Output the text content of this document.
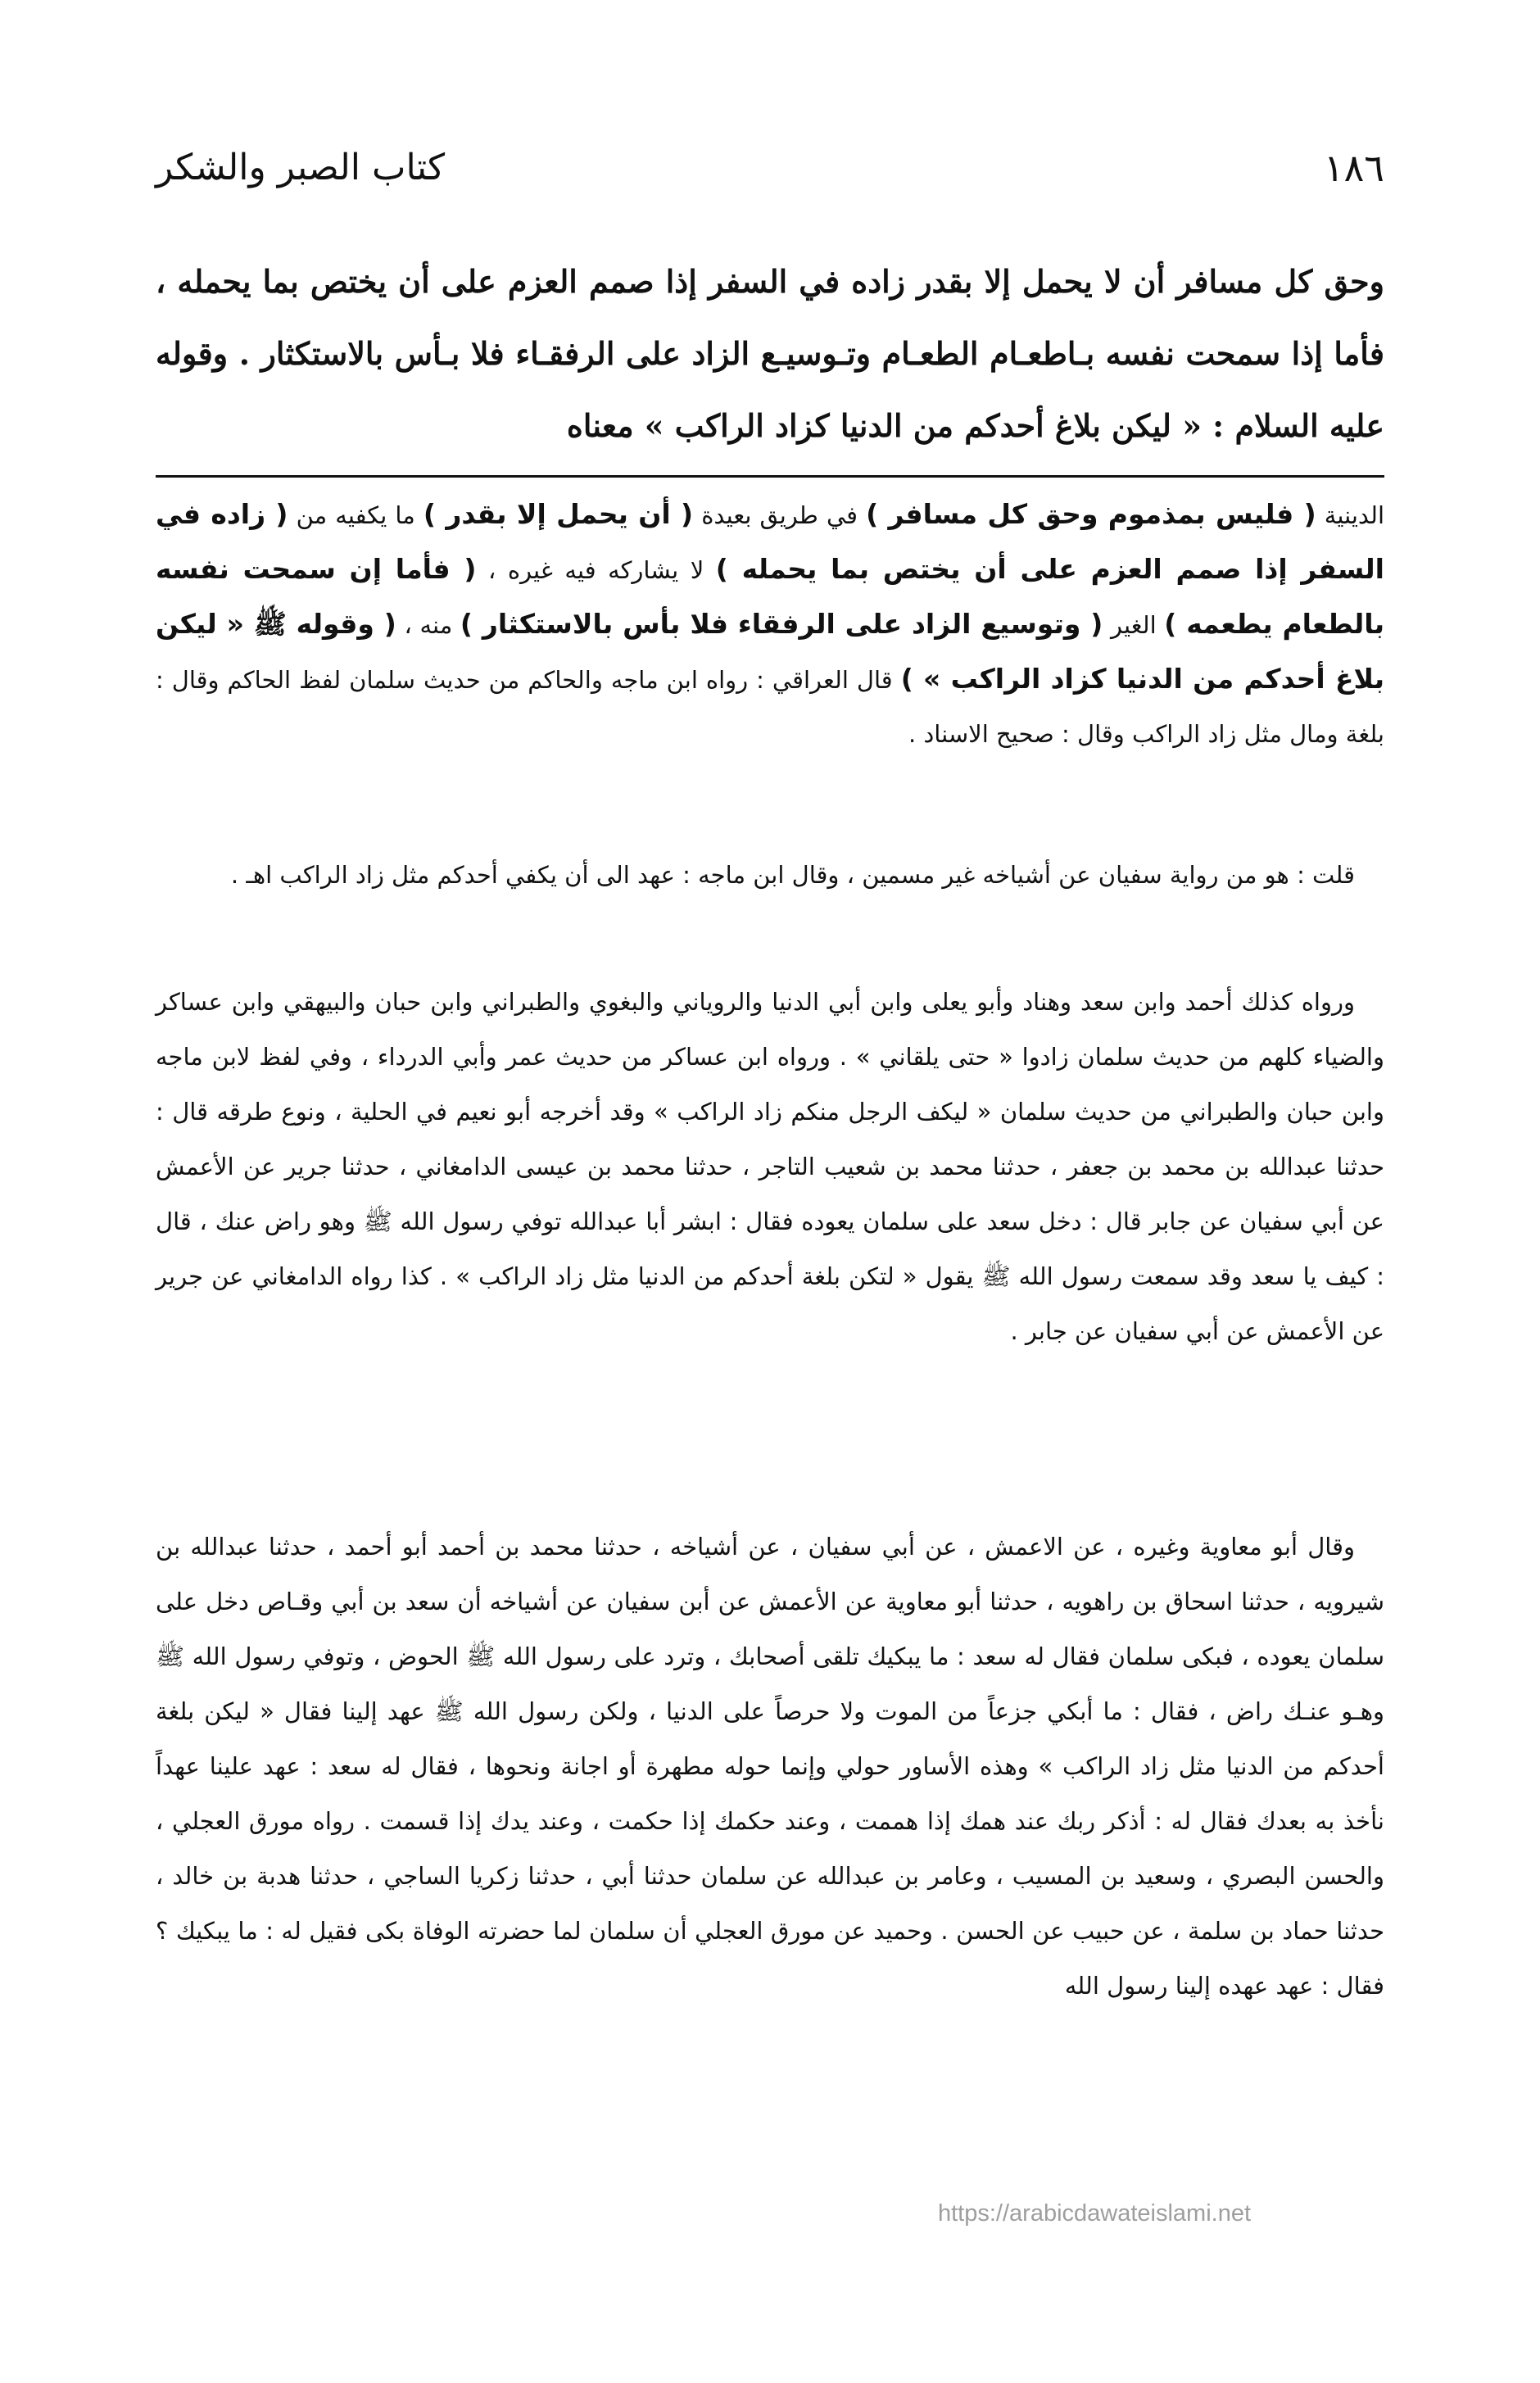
١٨٦
كتاب الصبر والشكر
وحق كل مسافر أن لا يحمل إلا بقدر زاده في السفر إذا صمم العزم على أن يختص بما يحمله ، فأما إذا سمحت نفسه بـاطعـام الطعـام وتـوسيـع الزاد على الرفقـاء فلا بـأس بالاستكثار . وقوله عليه السلام : « ليكن بلاغ أحدكم من الدنيا كزاد الراكب » معناه
الدينية ( فليس بمذموم وحق كل مسافر ) في طريق بعيدة ( أن يحمل إلا بقدر ) ما يكفيه من ( زاده في السفر إذا صمم العزم على أن يختص بما يحمله ) لا يشاركه فيه غيره ، ( فأما إن سمحت نفسه بالطعام يطعمه ) الغير ( وتوسيع الزاد على الرفقاء فلا بأس بالاستكثار ) منه ، ( وقوله ﷺ « ليكن بلاغ أحدكم من الدنيا كزاد الراكب » ) قال العراقي : رواه ابن ماجه والحاكم من حديث سلمان لفظ الحاكم وقال : بلغة ومال مثل زاد الراكب وقال : صحيح الاسناد .
قلت : هو من رواية سفيان عن أشياخه غير مسمين ، وقال ابن ماجه : عهد الى أن يكفي أحدكم مثل زاد الراكب اهـ .
ورواه كذلك أحمد وابن سعد وهناد وأبو يعلى وابن أبي الدنيا والروياني والبغوي والطبراني وابن حبان والبيهقي وابن عساكر والضياء كلهم من حديث سلمان زادوا « حتى يلقاني » . ورواه ابن عساكر من حديث عمر وأبي الدرداء ، وفي لفظ لابن ماجه وابن حبان والطبراني من حديث سلمان « ليكف الرجل منكم زاد الراكب » وقد أخرجه أبو نعيم في الحلية ، ونوع طرقه قال : حدثنا عبدالله بن محمد بن جعفر ، حدثنا محمد بن شعيب التاجر ، حدثنا محمد بن عيسى الدامغاني ، حدثنا جرير عن الأعمش عن أبي سفيان عن جابر قال : دخل سعد على سلمان يعوده فقال : ابشر أبا عبدالله توفي رسول الله ﷺ وهو راض عنك ، قال : كيف يا سعد وقد سمعت رسول الله ﷺ يقول « لتكن بلغة أحدكم من الدنيا مثل زاد الراكب » . كذا رواه الدامغاني عن جرير عن الأعمش عن أبي سفيان عن جابر .
وقال أبو معاوية وغيره ، عن الاعمش ، عن أبي سفيان ، عن أشياخه ، حدثنا محمد بن أحمد أبو أحمد ، حدثنا عبدالله بن شيرويه ، حدثنا اسحاق بن راهويه ، حدثنا أبو معاوية عن الأعمش عن أبن سفيان عن أشياخه أن سعد بن أبي وقـاص دخل على سلمان يعوده ، فبكى سلمان فقال له سعد : ما يبكيك تلقى أصحابك ، وترد على رسول الله ﷺ الحوض ، وتوفي رسول الله ﷺ وهـو عنـك راض ، فقال : ما أبكي جزعاً من الموت ولا حرصاً على الدنيا ، ولكن رسول الله ﷺ عهد إلينا فقال « ليكن بلغة أحدكم من الدنيا مثل زاد الراكب » وهذه الأساور حولي وإنما حوله مطهرة أو اجانة ونحوها ، فقال له سعد : عهد علينا عهداً نأخذ به بعدك فقال له : أذكر ربك عند همك إذا هممت ، وعند حكمك إذا حكمت ، وعند يدك إذا قسمت . رواه مورق العجلي ، والحسن البصري ، وسعيد بن المسيب ، وعامر بن عبدالله عن سلمان حدثنا أبي ، حدثنا زكريا الساجي ، حدثنا هدبة بن خالد ، حدثنا حماد بن سلمة ، عن حبيب عن الحسن . وحميد عن مورق العجلي أن سلمان لما حضرته الوفاة بكى فقيل له : ما يبكيك ؟ فقال : عهد عهده إلينا رسول الله
https://arabicdawateislami.net
